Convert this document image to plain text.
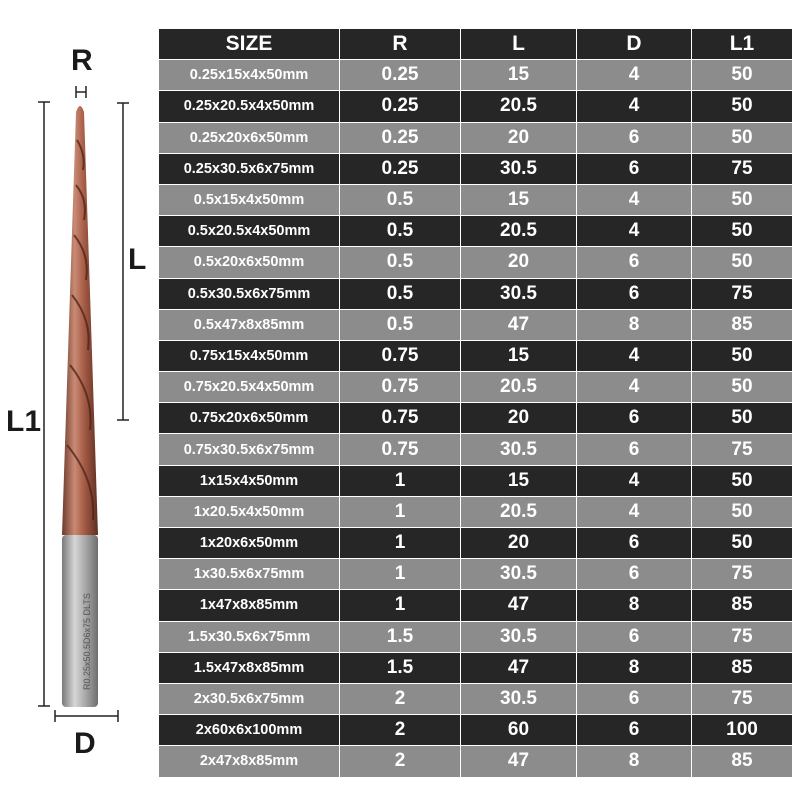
R0.25x50.5D6x75 DLTS
R
L
L1
D
SIZE	R	L	D	L1
0.25x15x4x50mm	0.25	15	4	50
0.25x20.5x4x50mm	0.25	20.5	4	50
0.25x20x6x50mm	0.25	20	6	50
0.25x30.5x6x75mm	0.25	30.5	6	75
0.5x15x4x50mm	0.5	15	4	50
0.5x20.5x4x50mm	0.5	20.5	4	50
0.5x20x6x50mm	0.5	20	6	50
0.5x30.5x6x75mm	0.5	30.5	6	75
0.5x47x8x85mm	0.5	47	8	85
0.75x15x4x50mm	0.75	15	4	50
0.75x20.5x4x50mm	0.75	20.5	4	50
0.75x20x6x50mm	0.75	20	6	50
0.75x30.5x6x75mm	0.75	30.5	6	75
1x15x4x50mm	1	15	4	50
1x20.5x4x50mm	1	20.5	4	50
1x20x6x50mm	1	20	6	50
1x30.5x6x75mm	1	30.5	6	75
1x47x8x85mm	1	47	8	85
1.5x30.5x6x75mm	1.5	30.5	6	75
1.5x47x8x85mm	1.5	47	8	85
2x30.5x6x75mm	2	30.5	6	75
2x60x6x100mm	2	60	6	100
2x47x8x85mm	2	47	8	85
